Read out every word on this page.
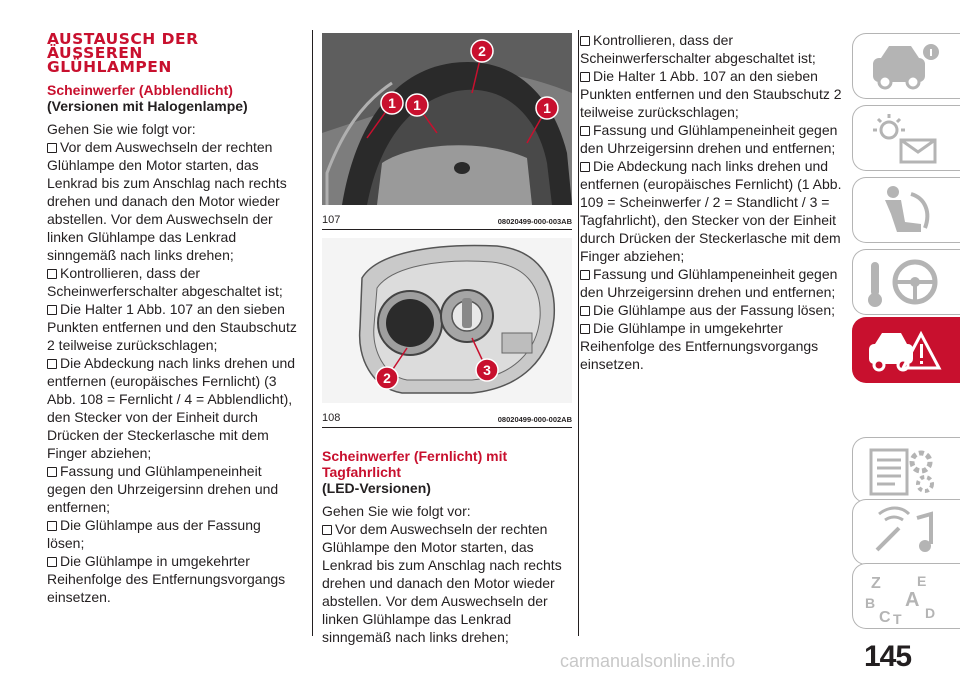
AUSTAUSCH DER
ÄUSSEREN
GLÜHLAMPEN

Scheinwerfer (Abblendlicht)

(Versionen mit Halogenlampe)

Gehen Sie wie folgt vor:

Vor dem Auswechseln der rechten Glühlampe den Motor starten, das Lenkrad bis zum Anschlag nach rechts drehen und danach den Motor wieder abstellen. Vor dem Auswechseln der linken Glühlampe das Lenkrad sinngemäß nach links drehen;
Kontrollieren, dass der Scheinwerferschalter abgeschaltet ist;
Die Halter 1 Abb. 107 an den sieben Punkten entfernen und den Staubschutz 2 teilweise zurückschlagen;
Die Abdeckung nach links drehen und entfernen (europäisches Fernlicht) (3 Abb. 108 = Fernlicht / 4 = Abblendlicht), den Stecker von der Einheit durch Drücken der Steckerlasche mit dem Finger abziehen;
Fassung und Glühlampeneinheit gegen den Uhrzeigersinn drehen und entfernen;
Die Glühlampe aus der Fassung lösen;
Die Glühlampe in umgekehrter Reihenfolge des Entfernungsvorgangs einsetzen.
1 1	1
2
107	08020499-000-003AB
2	3
108	08020499-000-002AB

Scheinwerfer (Fernlicht) mit Tagfahrlicht

(LED-Versionen)

Gehen Sie wie folgt vor:

Vor dem Auswechseln der rechten Glühlampe den Motor starten, das Lenkrad bis zum Anschlag nach rechts drehen und danach den Motor wieder abstellen. Vor dem Auswechseln der linken Glühlampe das Lenkrad sinngemäß nach links drehen;
Kontrollieren, dass der Scheinwerferschalter abgeschaltet ist;
Die Halter 1 Abb. 107 an den sieben Punkten entfernen und den Staubschutz 2 teilweise zurückschlagen;
Fassung und Glühlampeneinheit gegen den Uhrzeigersinn drehen und entfernen;
Die Abdeckung nach links drehen und entfernen (europäisches Fernlicht) (1 Abb. 109 = Scheinwerfer / 2 = Standlicht / 3 = Tagfahrlicht), den Stecker von der Einheit durch Drücken der Steckerlasche mit dem Finger abziehen;
Fassung und Glühlampeneinheit gegen den Uhrzeigersinn drehen und entfernen;
Die Glühlampe aus der Fassung lösen;
Die Glühlampe in umgekehrter Reihenfolge des Entfernungsvorgangs einsetzen.
Z	E
B A
C T D
145
carmanualsonline.info
